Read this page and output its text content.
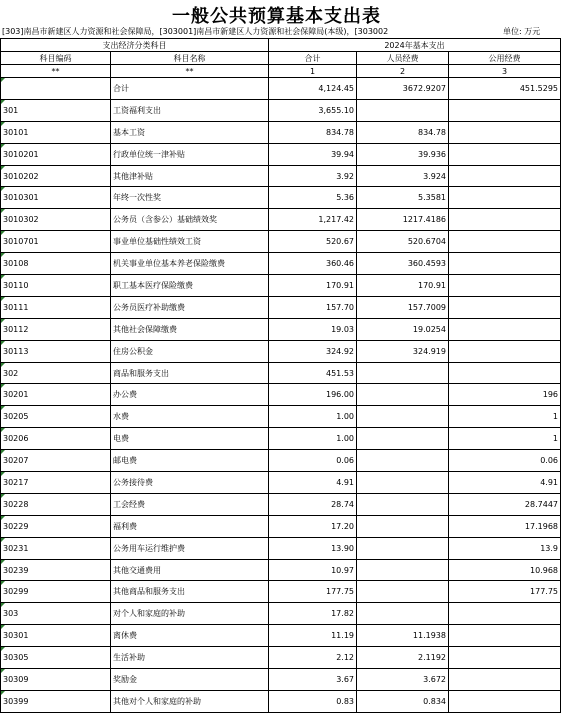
一般公共预算基本支出表
[303]南昌市新建区人力资源和社会保障局，[303001]南昌市新建区人力资源和社会保障局(本级)，[303002	单位: 万元
支出经济分类科目		2024年基本支出		
科目编码	科目名称	合计	人员经费	公用经费
**	**	1	2	3
	合计	4,124.45	3672.9207	451.5295
301	工资福利支出	3,655.10		
30101	基本工资	834.78	834.78	
3010201	行政单位统一津补贴	39.94	39.936	
3010202	其他津补贴	3.92	3.924	
3010301	年终一次性奖	5.36	5.3581	
3010302	公务员（含参公）基础绩效奖	1,217.42	1217.4186	
3010701	事业单位基础性绩效工资	520.67	520.6704	
30108	机关事业单位基本养老保险缴费	360.46	360.4593	
30110	职工基本医疗保险缴费	170.91	170.91	
30111	公务员医疗补助缴费	157.70	157.7009	
30112	其他社会保障缴费	19.03	19.0254	
30113	住房公积金	324.92	324.919	
302	商品和服务支出	451.53		
30201	办公费	196.00		196
30205	水费	1.00		1
30206	电费	1.00		1
30207	邮电费	0.06		0.06
30217	公务接待费	4.91		4.91
30228	工会经费	28.74		28.7447
30229	福利费	17.20		17.1968
30231	公务用车运行维护费	13.90		13.9
30239	其他交通费用	10.97		10.968
30299	其他商品和服务支出	177.75		177.75
303	对个人和家庭的补助	17.82		
30301	离休费	11.19	11.1938	
30305	生活补助	2.12	2.1192	
30309	奖励金	3.67	3.672	
30399	其他对个人和家庭的补助	0.83	0.834	
